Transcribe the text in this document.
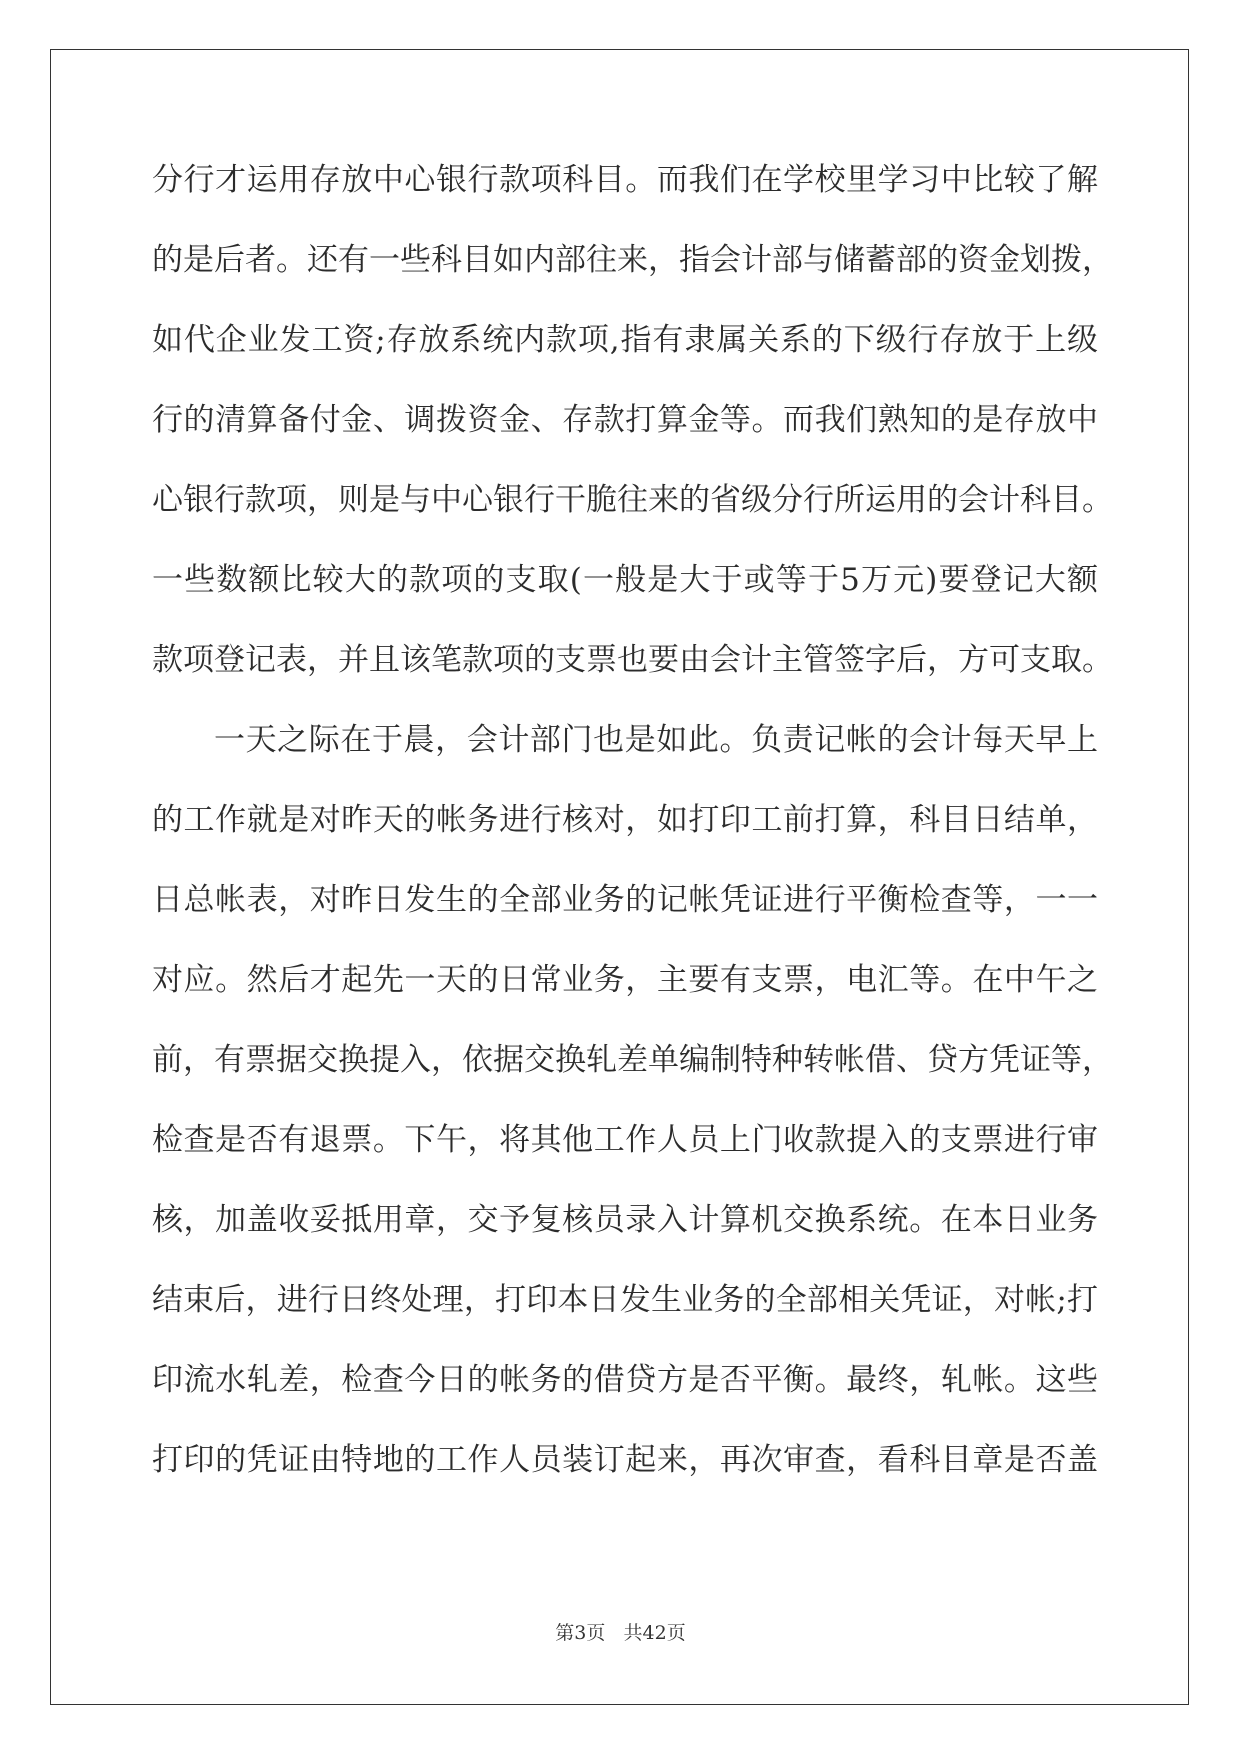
分行才运用存放中心银行款项科目。而我们在学校里学习中比较了解
的是后者。还有一些科目如内部往来，指会计部与储蓄部的资金划拨，
如代企业发工资;存放系统内款项,指有隶属关系的下级行存放于上级
行的清算备付金、调拨资金、存款打算金等。而我们熟知的是存放中
心银行款项，则是与中心银行干脆往来的省级分行所运用的会计科目。
一些数额比较大的款项的支取(一般是大于或等于5万元)要登记大额
款项登记表，并且该笔款项的支票也要由会计主管签字后，方可支取。
一天之际在于晨，会计部门也是如此。负责记帐的会计每天早上
的工作就是对昨天的帐务进行核对，如打印工前打算，科目日结单，
日总帐表，对昨日发生的全部业务的记帐凭证进行平衡检查等，一一
对应。然后才起先一天的日常业务，主要有支票，电汇等。在中午之
前，有票据交换提入，依据交换轧差单编制特种转帐借、贷方凭证等，
检查是否有退票。下午，将其他工作人员上门收款提入的支票进行审
核，加盖收妥抵用章，交予复核员录入计算机交换系统。在本日业务
结束后，进行日终处理，打印本日发生业务的全部相关凭证，对帐;打
印流水轧差，检查今日的帐务的借贷方是否平衡。最终，轧帐。这些
打印的凭证由特地的工作人员装订起来，再次审查，看科目章是否盖
第3页 共42页
